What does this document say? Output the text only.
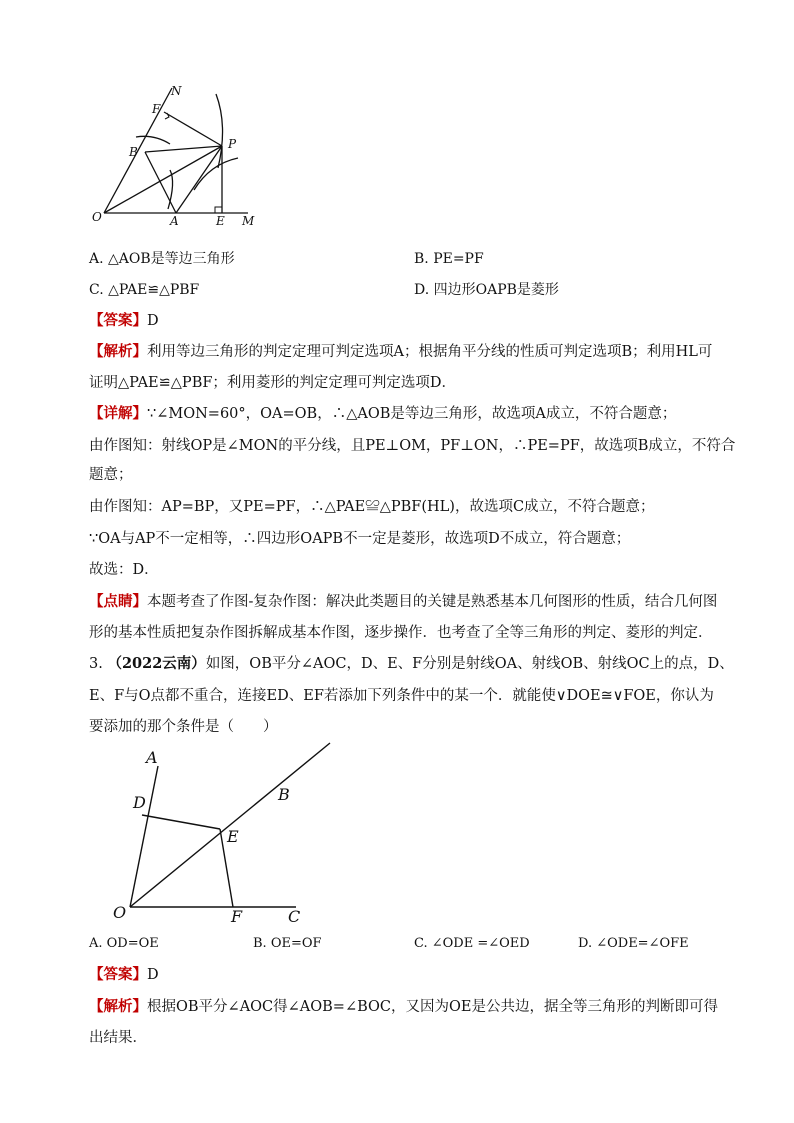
N
F
B
P
O	A	E M
A. △AOB是等边三角形	B. PE=PF
C. △PAE≌△PBF	D. 四边形OAPB是菱形
【答案】D
【解析】利用等边三角形的判定定理可判定选项A；根据角平分线的性质可判定选项B；利用HL可
证明△PAE≌△PBF；利用菱形的判定定理可判定选项D．
【详解】∵∠MON=60°，OA=OB，∴△AOB是等边三角形，故选项A成立，不符合题意；
由作图知：射线OP是∠MON的平分线，且PE⊥OM，PF⊥ON，∴PE=PF，故选项B成立，不符合
题意；
由作图知：AP=BP，又PE=PF，∴△PAE≌△PBF(HL)，故选项C成立，不符合题意；
∵OA与AP不一定相等，∴四边形OAPB不一定是菱形，故选项D不成立，符合题意；
故选：D．
【点睛】本题考查了作图-复杂作图：解决此类题目的关键是熟悉基本几何图形的性质，结合几何图
形的基本性质把复杂作图拆解成基本作图，逐步操作．也考查了全等三角形的判定、菱形的判定．
3. （2022云南）如图，OB平分∠AOC，D、E、F分别是射线OA、射线OB、射线OC上的点，D、
E、F与O点都不重合，连接ED、EF若添加下列条件中的某一个．就能使∨DOE≅∨FOE，你认为
要添加的那个条件是（　　）
A
D	B
E
O	F	C
A. OD=OE	B. OE=OF	C. ∠ODE =∠OED	D. ∠ODE=∠OFE
【答案】D
【解析】根据OB平分∠AOC得∠AOB=∠BOC，又因为OE是公共边，据全等三角形的判断即可得
出结果．
